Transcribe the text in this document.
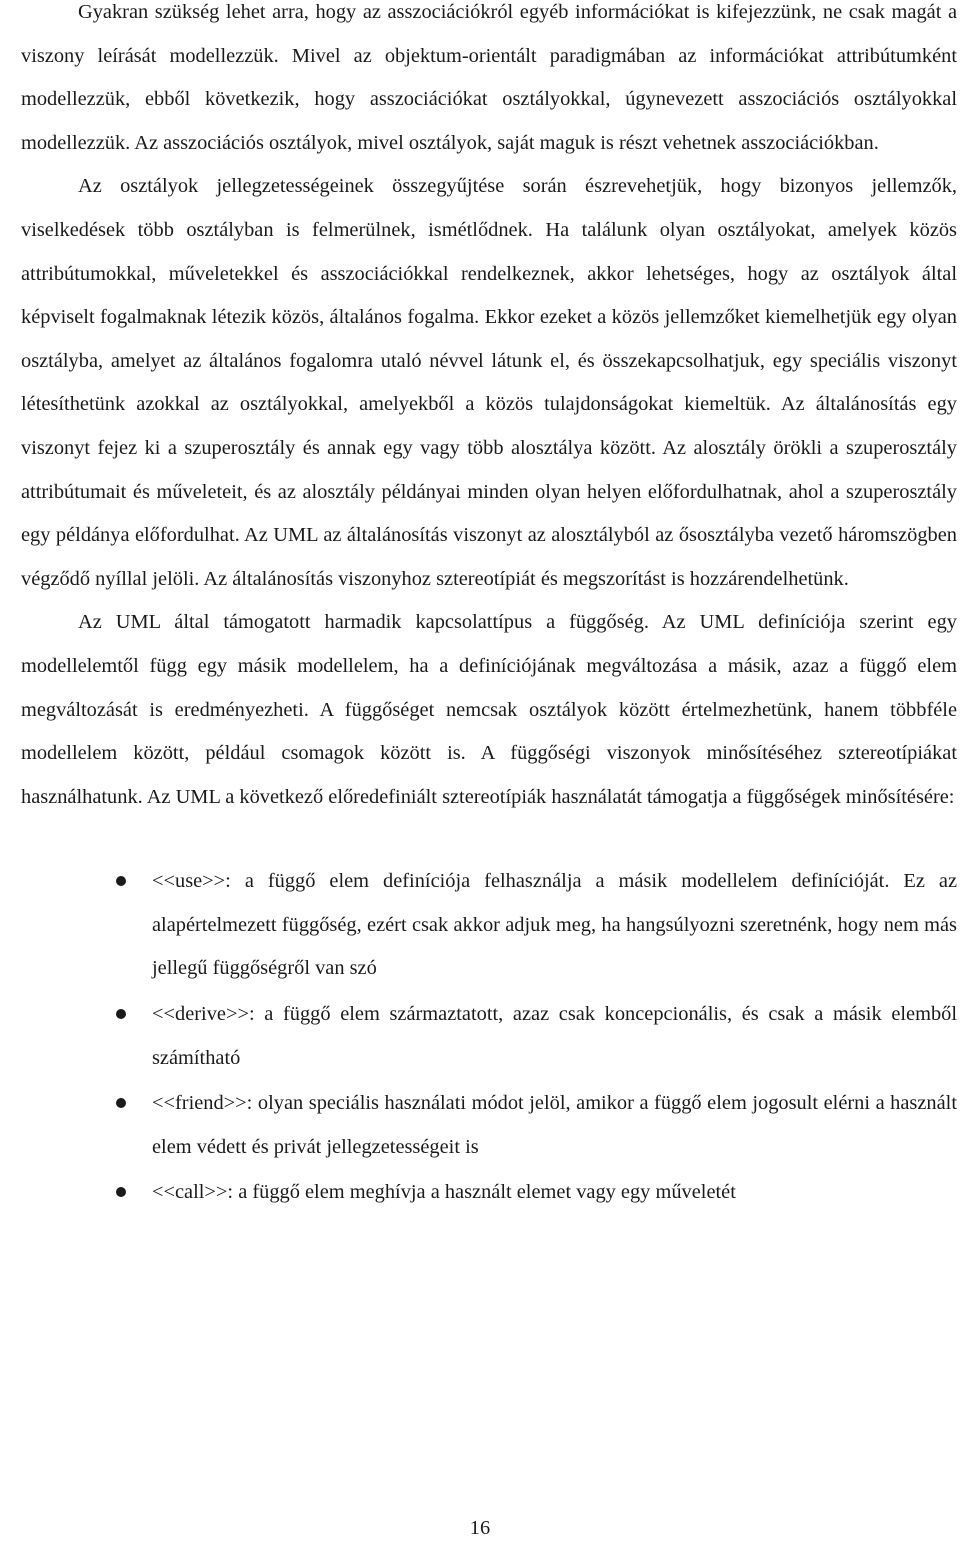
Gyakran szükség lehet arra, hogy az asszociációkról egyéb információkat is kifejezzünk, ne csak magát a viszony leírását modellezzük. Mivel az objektum-orientált paradigmában az információkat attribútumként modellezzük, ebből következik, hogy asszociációkat osztályokkal, úgynevezett asszociációs osztályokkal modellezzük. Az asszociációs osztályok, mivel osztályok, saját maguk is részt vehetnek asszociációkban.

Az osztályok jellegzetességeinek összegyűjtése során észrevehetjük, hogy bizonyos jellemzők, viselkedések több osztályban is felmerülnek, ismétlődnek. Ha találunk olyan osztályokat, amelyek közös attribútumokkal, műveletekkel és asszociációkkal rendelkeznek, akkor lehetséges, hogy az osztályok által képviselt fogalmaknak létezik közös, általános fogalma. Ekkor ezeket a közös jellemzőket kiemelhetjük egy olyan osztályba, amelyet az általános fogalomra utaló névvel látunk el, és összekapcsolhatjuk, egy speciális viszonyt létesíthetünk azokkal az osztályokkal, amelyekből a közös tulajdonságokat kiemeltük. Az általánosítás egy viszonyt fejez ki a szuperosztály és annak egy vagy több alosztálya között. Az alosztály örökli a szuperosztály attribútumait és műveleteit, és az alosztály példányai minden olyan helyen előfordulhatnak, ahol a szuperosztály egy példánya előfordulhat. Az UML az általánosítás viszonyt az alosztályból az ősosztályba vezető háromszögben végződő nyíllal jelöli. Az általánosítás viszonyhoz sztereotípiát és megszorítást is hozzárendelhetünk.

Az UML által támogatott harmadik kapcsolattípus a függőség. Az UML definíciója szerint egy modellelemtől függ egy másik modellelem, ha a definíciójának megváltozása a másik, azaz a függő elem megváltozását is eredményezheti. A függőséget nemcsak osztályok között értelmezhetünk, hanem többféle modellelem között, például csomagok között is. A függőségi viszonyok minősítéséhez sztereotípiákat használhatunk. Az UML a következő előredefiniált sztereotípiák használatát támogatja a függőségek minősítésére:

<<use>>: a függő elem definíciója felhasználja a másik modellelem definícióját. Ez az alapértelmezett függőség, ezért csak akkor adjuk meg, ha hangsúlyozni szeretnénk, hogy nem más jellegű függőségről van szó
<<derive>>: a függő elem származtatott, azaz csak koncepcionális, és csak a másik elemből számítható
<<friend>>: olyan speciális használati módot jelöl, amikor a függő elem jogosult elérni a használt elem védett és privát jellegzetességeit is
<<call>>: a függő elem meghívja a használt elemet vagy egy műveletét
16
